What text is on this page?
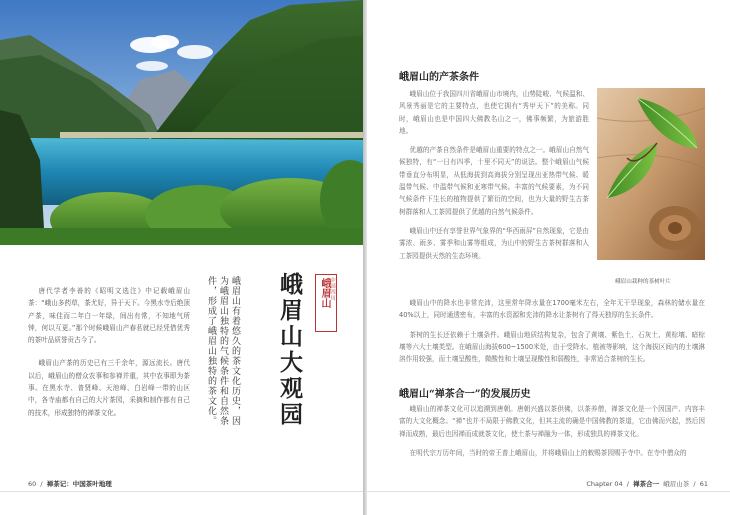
唐代学者李善的《昭明文选注》中记载峨眉山茶：“峨山多药草，茶尤好，异于天下。今黑水寺后绝顶产茶，味佳而二年白一年绿，间出有常，不知地气所钟，何以互更。”那个时候峨眉山产春茗就已经凭借优秀的茶叶品质誉贡古今了。

峨眉山产茶的历史已有三千余年，源远流长。唐代以后，峨眉山的僧众农事和参禅并重，其中农事即为茶事。在黑水寺、普贤峰、天池峰、白岩峰一带的山区中，各寺庙都有自己的大片茶园，采摘和制作都有自己的技术，形成独特的禅茶文化。

中国四川
峨眉山
峨眉山大观园
峨眉山有着悠久的茶文化历史，因为峨眉山独特的气候条件和自然条件，形成了峨眉山独特的茶文化。
60  /  禅茶记：中国茶叶地理
峨眉山的产茶条件

峨眉山位于我国四川省峨眉山市境内，山势陡峻、气候温和、风景秀丽是它的主要特点，也使它拥有“秀甲天下”的美称。同时，峨眉山也是中国四大佛教名山之一，佛事频繁，为旅游胜地。

优越的产茶自然条件是峨眉山重要的特点之一。峨眉山自然气候独特，有“一日有四季，十里不同天”的说法。整个峨眉山气候带垂直分布明显，从低海拔到高海拔分别呈现出亚热带气候、暖温带气候、中温带气候和亚寒带气候。丰富的气候要素，为不同气候条件下生长的植物提供了繁衍的空间，也为大量的野生古茶树群落和人工茶园提供了优越的自然气候条件。

峨眉山中还有享誉世界气象界的“华西雨屏”自然现象，它是由雾浓、雨多、雾季和山雾等组成，为山中的野生古茶树群落和人工茶园提供天然的生态环境。

峨眉山栽种的茶树叶片

峨眉山中的降水也非常充沛，这里常年降水量在1700毫米左右，全年无干旱现象，森林的储水量在40%以上，同时通透密布，丰富的水资源和充沛的降水让茶树有了得天独厚的生长条件。

茶树的生长还依赖于土壤条件。峨眉山地质结构复杂，包含了黄壤、紫色土、石灰土、黄棕壤、暗棕壤等六大土壤类型。在峨眉山海拔600~1500米处，由于受降水、植被等影响，这个海拔区间内的土壤淋溶作用较强，而土壤呈酸性，微酸性和土壤呈现酸性和弱酸性，非常适合茶树的生长。

峨眉山“禅茶合一”的发展历史

峨眉山的禅茶文化可以追溯到唐朝。唐朝兴盛以茶供佛，以茶养僧，禅茶文化是一个因国产、内容丰富的大文化概念。“禅”也并不局限于佛教文化，但其主流的确是中国佛教的茶道，它由佛而兴起，然后因禅而成熟，最后也因禅而成就茶文化，使土茶与禅融为一体，形成独具的禅茶文化。

在明代宗万历年间，当时的帝王普上峨眉山，并将峨眉山上的敕赐茶园赐予寺中。在寺中僧众的

Chapter 04  /  禅茶合一 峨眉山茶  /  61
